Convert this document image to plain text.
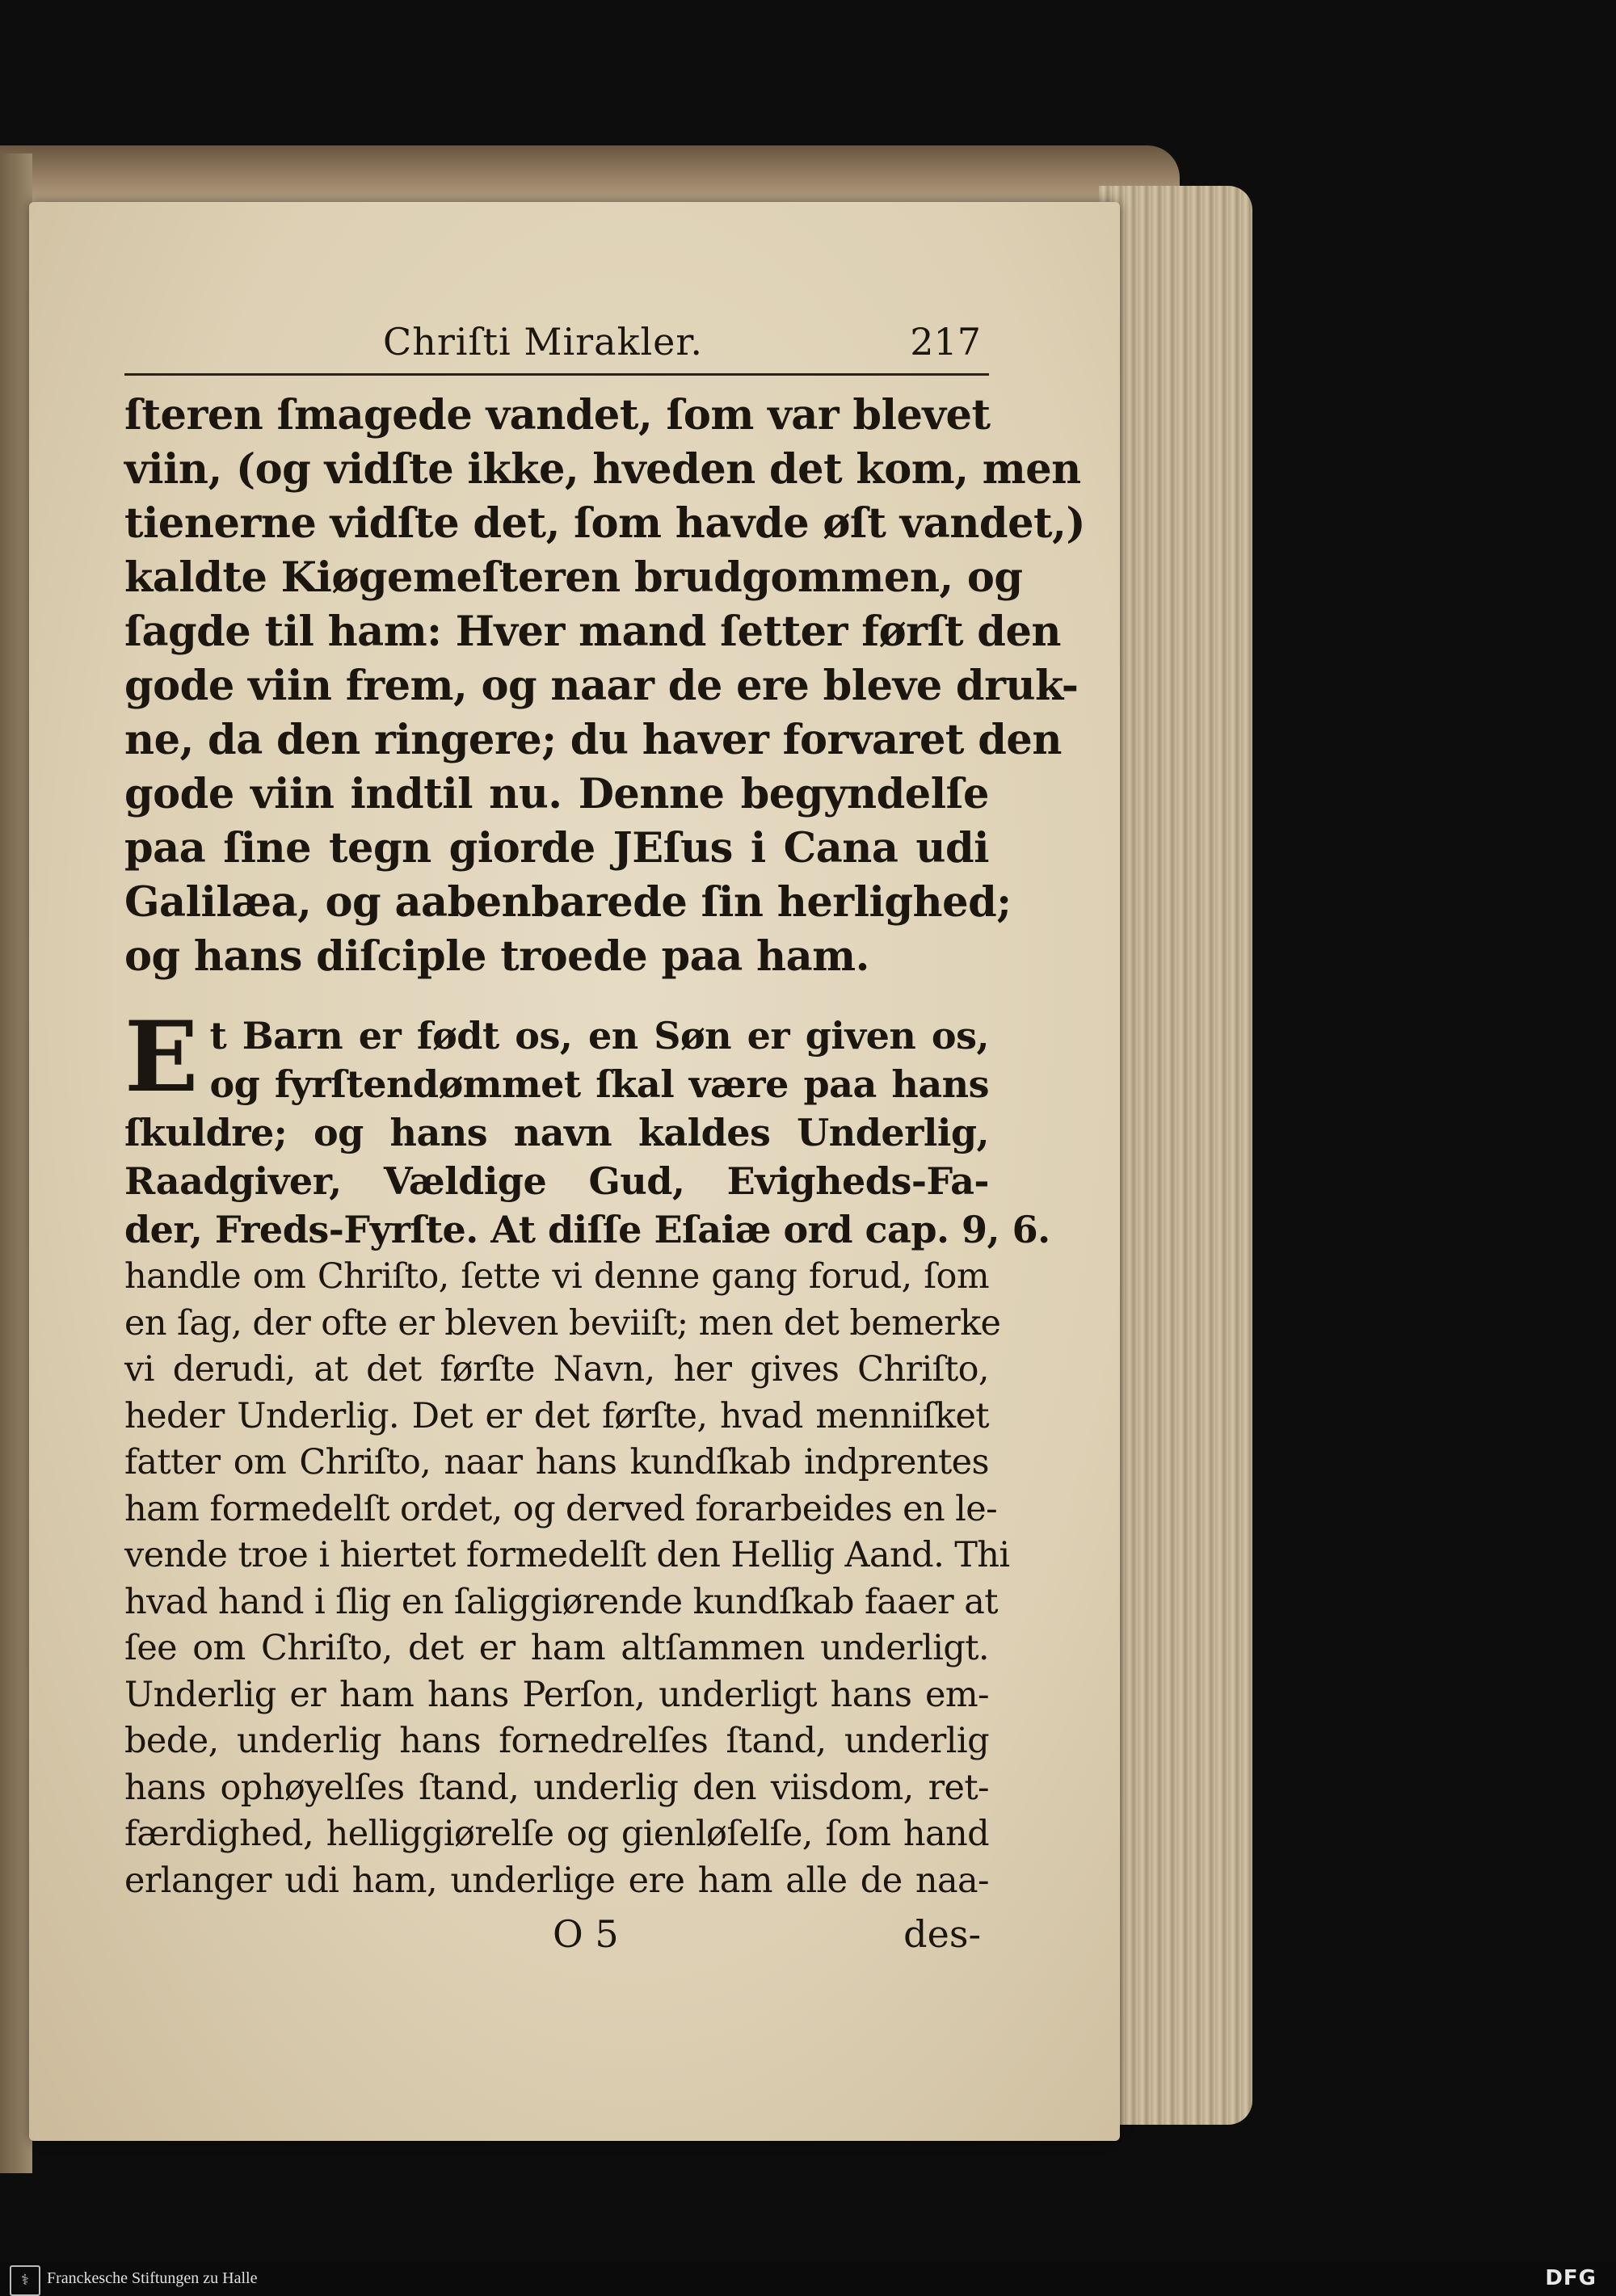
Chriſti Mirakler.	217
ſteren ſmagede vandet, ſom var blevet
viin, (og vidſte ikke, hveden det kom, men
tienerne vidſte det, ſom havde øſt vandet,)
kaldte Kiøgemeſteren brudgommen, og
ſagde til ham: Hver mand ſetter førſt den
gode viin frem, og naar de ere bleve druk-
ne, da den ringere; du haver forvaret den
gode viin indtil nu. Denne begyndelſe
paa ſine tegn giorde JEſus i Cana udi
Galilæa, og aabenbarede ſin herlighed;
og hans diſciple troede paa ham.
E t Barn er født os, en Søn er given os,
og fyrſtendømmet ſkal være paa hans
ſkuldre; og hans navn kaldes Underlig,
Raadgiver, Vældige Gud, Evigheds-Fa-
der, Freds-Fyrſte. At diſſe Eſaiæ ord cap. 9, 6.
handle om Chriſto, ſette vi denne gang forud, ſom
en ſag, der ofte er bleven beviiſt; men det bemerke
vi derudi, at det førſte Navn, her gives Chriſto,
heder Underlig. Det er det førſte, hvad menniſket
fatter om Chriſto, naar hans kundſkab indprentes
ham formedelſt ordet, og derved forarbeides en le-
vende troe i hiertet formedelſt den Hellig Aand. Thi
hvad hand i ſlig en ſaliggiørende kundſkab faaer at
ſee om Chriſto, det er ham altſammen underligt.
Underlig er ham hans Perſon, underligt hans em-
bede, underlig hans fornedrelſes ſtand, underlig
hans ophøyelſes ſtand, underlig den viisdom, ret-
færdighed, helliggiørelſe og gienløſelſe, ſom hand
erlanger udi ham, underlige ere ham alle de naa-
O 5	des-
⚕	Franckesche Stiftungen zu Halle	DFG
